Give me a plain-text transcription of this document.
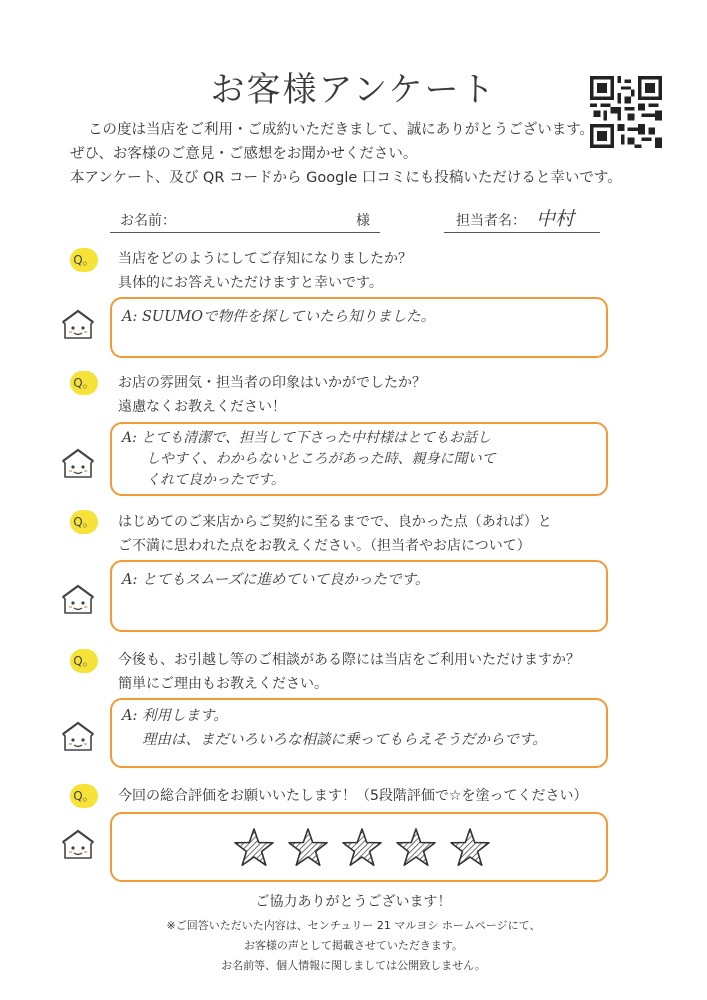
お客様アンケート
この度は当店をご利用・ご成約いただきまして、誠にありがとうございます。
ぜひ、お客様のご意見・ご感想をお聞かせください。
本アンケート、及び QR コードから Google 口コミにも投稿いただけると幸いです。
お名前：	様	担当者名： 中村
Q。 当店をどのようにしてご存知になりましたか？
具体的にお答えいただけますと幸いです。
A: SUUMOで物件を探していたら知りました。
Q。 お店の雰囲気・担当者の印象はいかがでしたか？
遠慮なくお教えください！
A: とても清潔で、担当して下さった中村様はとてもお話し
しやすく、わからないところがあった時、親身に聞いて
くれて良かったです。
Q。 はじめてのご来店からご契約に至るまでで、良かった点（あれば）と
ご不満に思われた点をお教えください。（担当者やお店について）
A: とてもスムーズに進めていて良かったです。
Q。 今後も、お引越し等のご相談がある際には当店をご利用いただけますか？
簡単にご理由もお教えください。
A: 利用します。
理由は、まだいろいろな相談に乗ってもらえそうだからです。
Q。 今回の総合評価をお願いいたします！（5段階評価で☆を塗ってください）
ご協力ありがとうございます！
※ご回答いただいた内容は、センチュリー 21 マルヨシ ホームページにて、
お客様の声として掲載させていただきます。
お名前等、個人情報に関しましては公開致しません。
